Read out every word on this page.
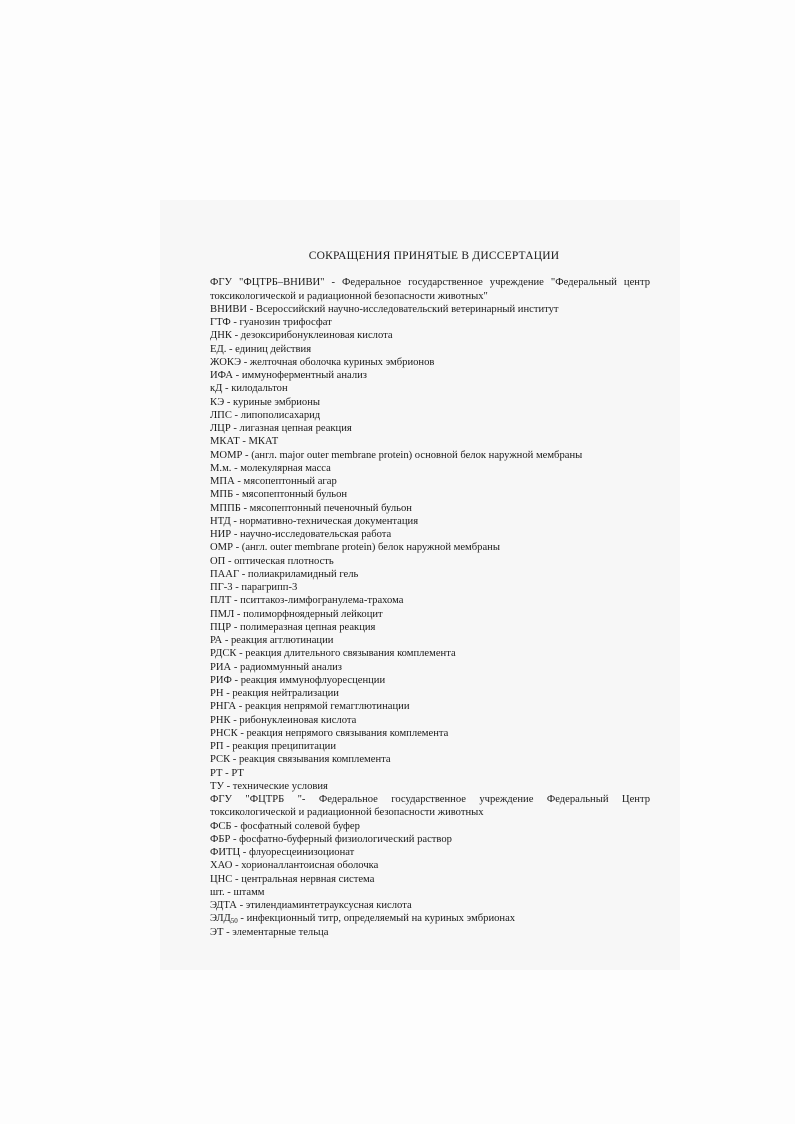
СОКРАЩЕНИЯ ПРИНЯТЫЕ В ДИССЕРТАЦИИ

ФГУ "ФЦТРБ–ВНИВИ" - Федеральное государственное учреждение "Федеральный центр токсикологической и радиационной безопасности животных"

ВНИВИ - Всероссийский научно-исследовательский ветеринарный институт

ГТФ - гуанозин трифосфат

ДНК - дезоксирибонуклеиновая кислота

ЕД. - единиц действия

ЖОКЭ - желточная оболочка куриных эмбрионов

ИФА - иммуноферментный анализ

кД - килодальтон

КЭ - куриные эмбрионы

ЛПС - липополисахарид

ЛЦР - лигазная цепная реакция

МКАТ - МКАТ

МОМР - (англ. major outer membrane protein) основной белок наружной мембраны

М.м. - молекулярная масса

МПА - мясопептонный агар

МПБ - мясопептонный бульон

МППБ - мясопептонный печеночный бульон

НТД - нормативно-техническая документация

НИР - научно-исследовательская работа

ОМР - (англ. outer membrane protein) белок наружной мембраны

ОП - оптическая плотность

ПААГ - полиакриламидный гель

ПГ-3 - парагрипп-3

ПЛТ - пситтакоз-лимфогранулема-трахома

ПМЛ - полиморфноядерный лейкоцит

ПЦР - полимеразная цепная реакция

РА - реакция агглютинации

РДСК - реакция длительного связывания комплемента

РИА - радиоммунный анализ

РИФ - реакция иммунофлуоресценции

РН - реакция нейтрализации

РНГА - реакция непрямой гемагглютинации

РНК - рибонуклеиновая кислота

РНСК - реакция непрямого связывания комплемента

РП - реакция преципитации

РСК - реакция связывания комплемента

РТ - РТ

ТУ - технические условия

ФГУ "ФЦТРБ "- Федеральное государственное учреждение Федеральный Центр токсикологической и радиационной безопасности животных

ФСБ - фосфатный солевой буфер

ФБР - фосфатно-буферный физиологический раствор

ФИТЦ - флуоресцеинизоционат

ХАО - хорионаллантоисная оболочка

ЦНС - центральная нервная система

шт. - штамм

ЭДТА - этилендиаминтетрауксусная кислота

$ЭЛД_{50}$ - инфекционный титр, определяемый на куриных эмбрионах

ЭТ - элементарные тельца
